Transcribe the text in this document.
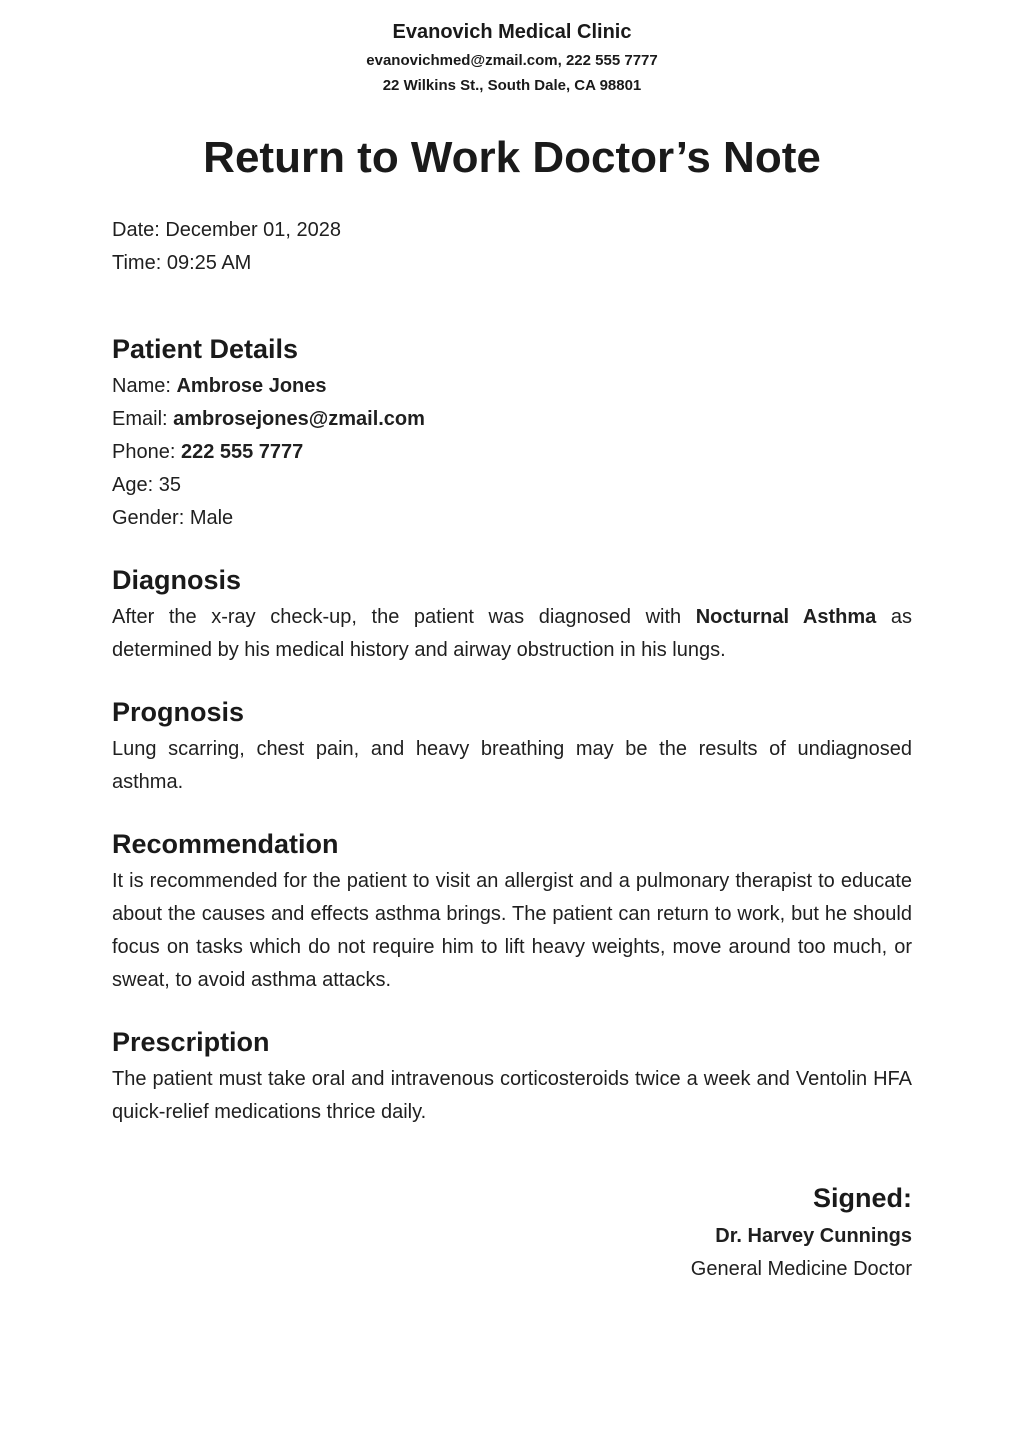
Evanovich Medical Clinic
evanovichmed@zmail.com, 222 555 7777
22 Wilkins St., South Dale, CA 98801
Return to Work Doctor’s Note
Date: December 01, 2028
Time: 09:25 AM
Patient Details
Name: Ambrose Jones
Email: ambrosejones@zmail.com
Phone: 222 555 7777
Age: 35
Gender: Male
Diagnosis
After the x-ray check-up, the patient was diagnosed with Nocturnal Asthma as determined by his medical history and airway obstruction in his lungs.
Prognosis
Lung scarring, chest pain, and heavy breathing may be the results of undiagnosed asthma.
Recommendation
It is recommended for the patient to visit an allergist and a pulmonary therapist to educate about the causes and effects asthma brings. The patient can return to work, but he should focus on tasks which do not require him to lift heavy weights, move around too much, or sweat, to avoid asthma attacks.
Prescription
The patient must take oral and intravenous corticosteroids twice a week and Ventolin HFA quick-relief medications thrice daily.
Signed:
Dr. Harvey Cunnings
General Medicine Doctor
